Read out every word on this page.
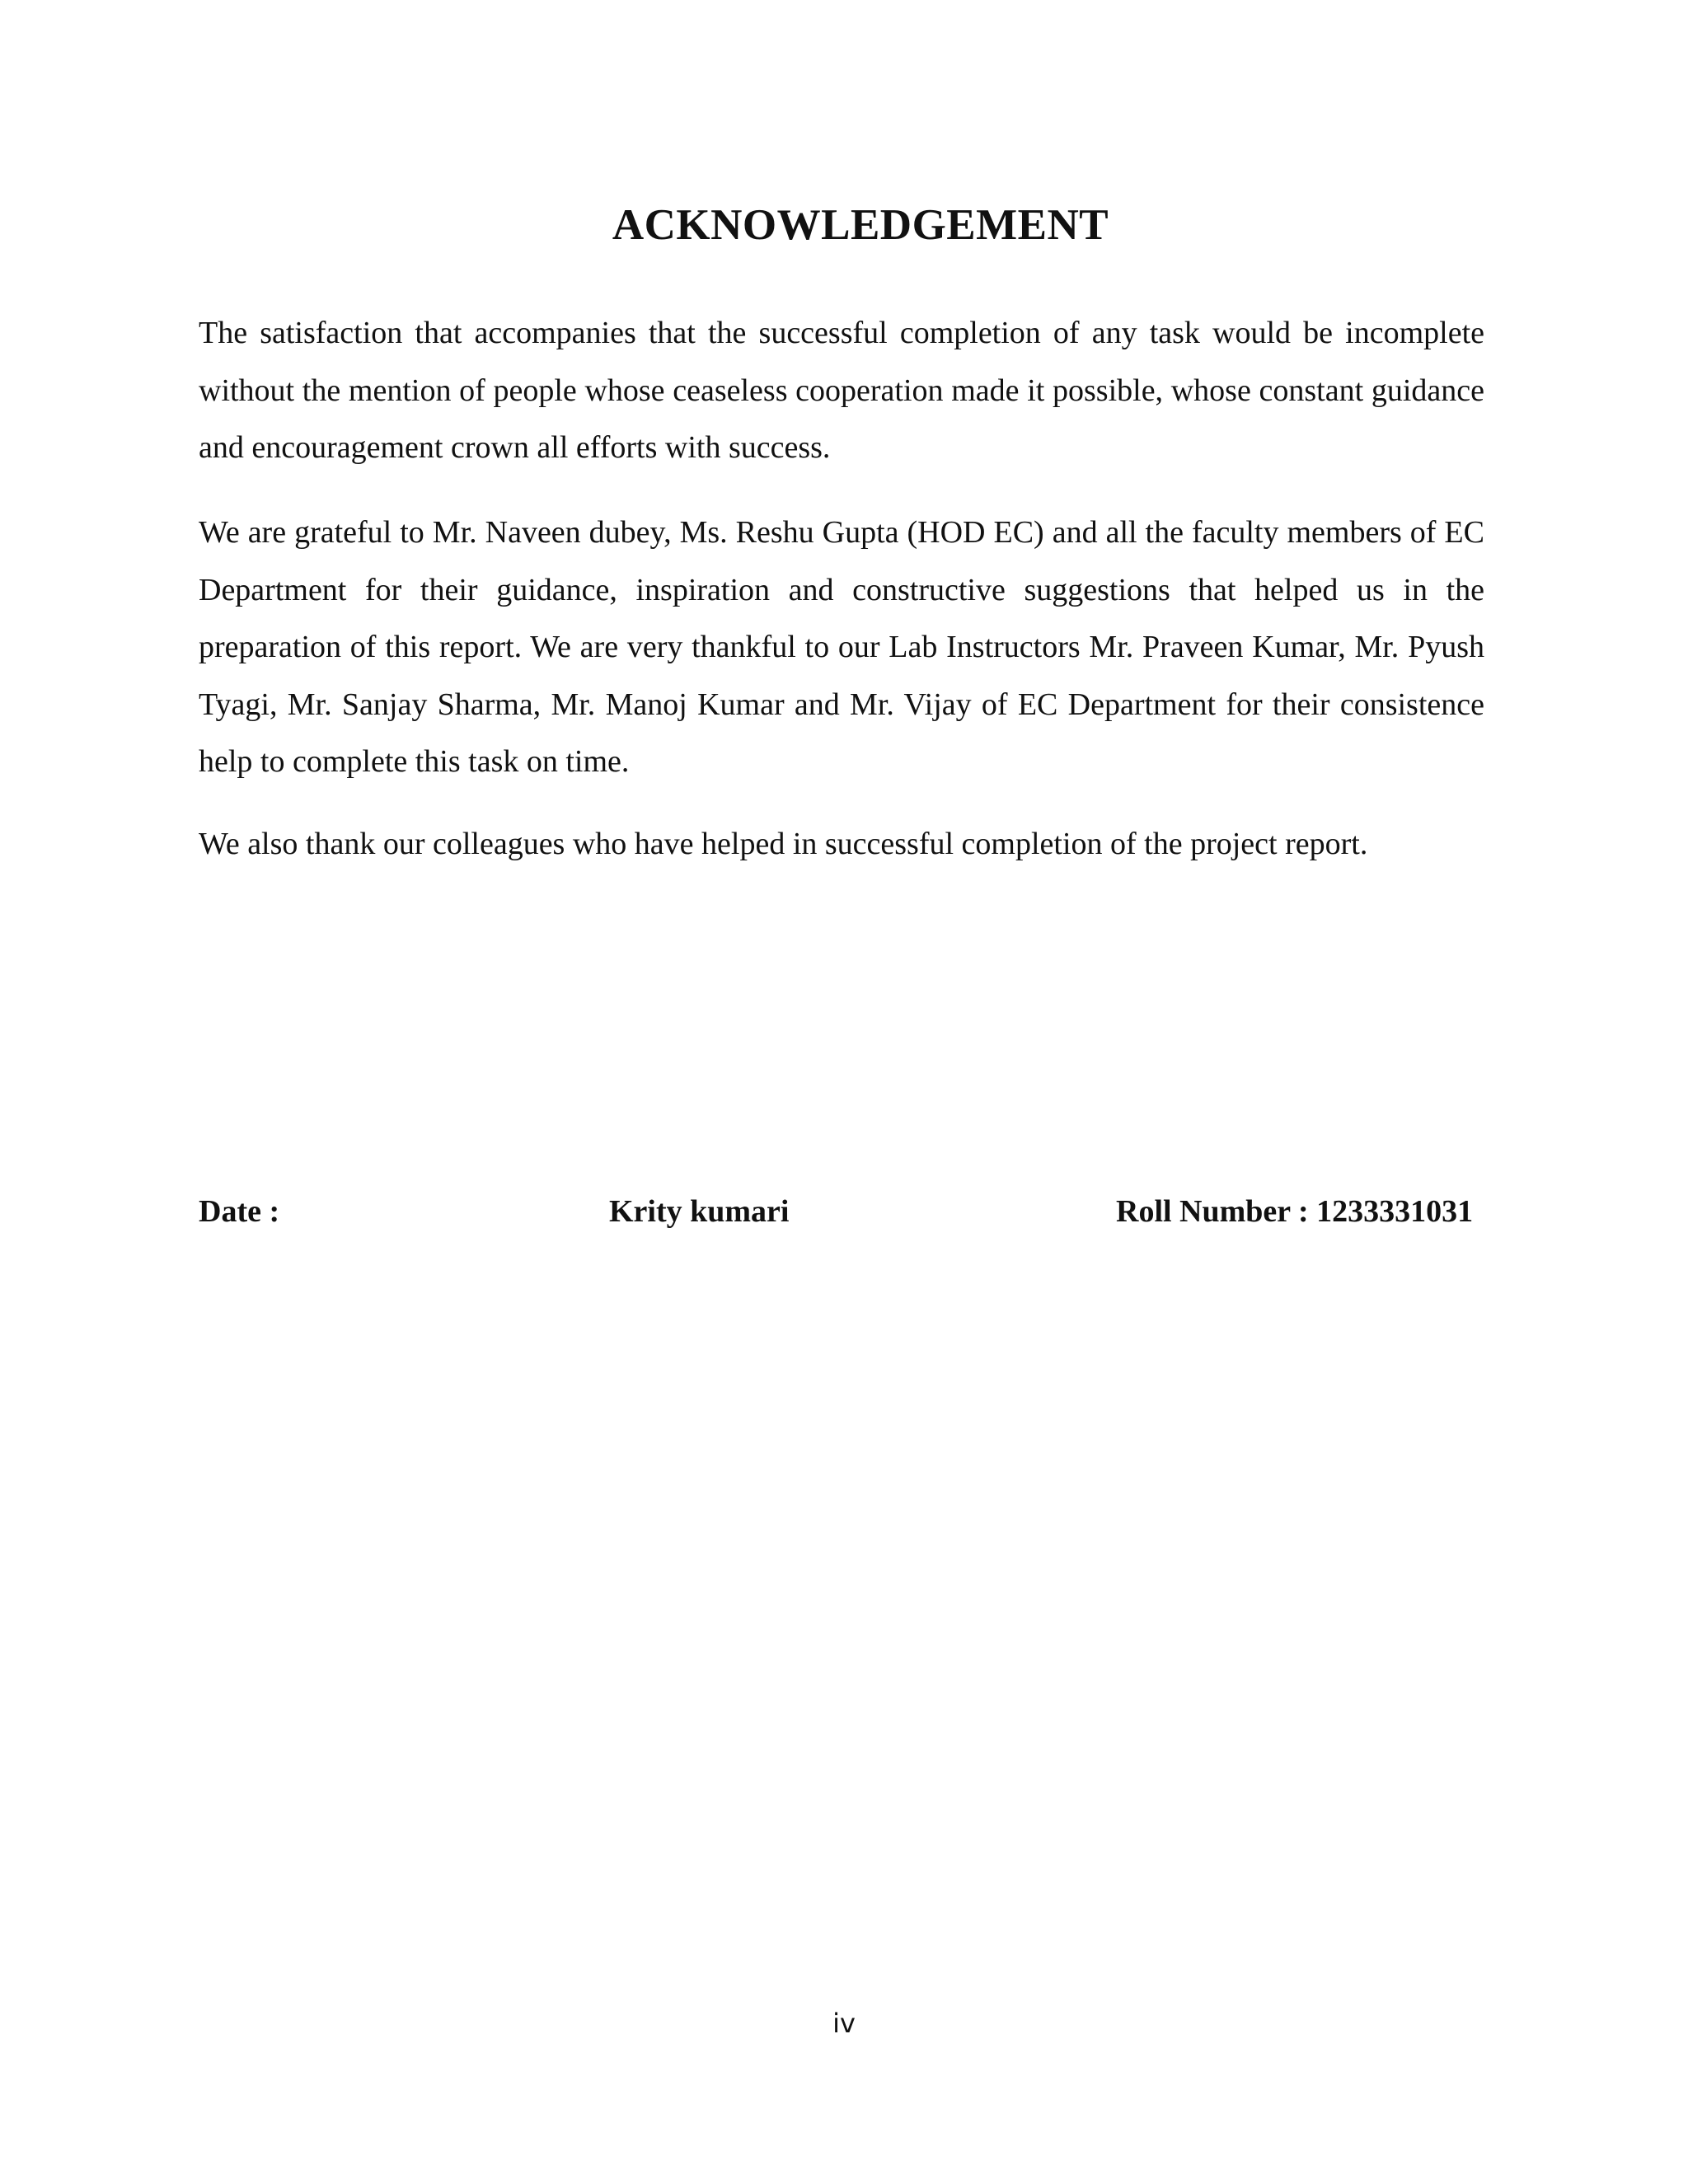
ACKNOWLEDGEMENT

The satisfaction that accompanies that the successful completion of any task would be incomplete without the mention of people whose ceaseless cooperation made it possible, whose constant guidance and encouragement crown all efforts with success.

We are grateful to Mr. Naveen dubey, Ms. Reshu Gupta (HOD EC) and all the faculty members of EC Department for their guidance, inspiration and constructive suggestions that helped us in the preparation of this report. We are very thankful to our Lab Instructors Mr. Praveen Kumar, Mr. Pyush Tyagi, Mr. Sanjay Sharma, Mr. Manoj Kumar and Mr. Vijay of EC Department for their consistence help to complete this task on time.

We also thank our colleagues who have helped in successful completion of the project report.

Date :	Krity kumari	Roll Number : 1233331031
iv
